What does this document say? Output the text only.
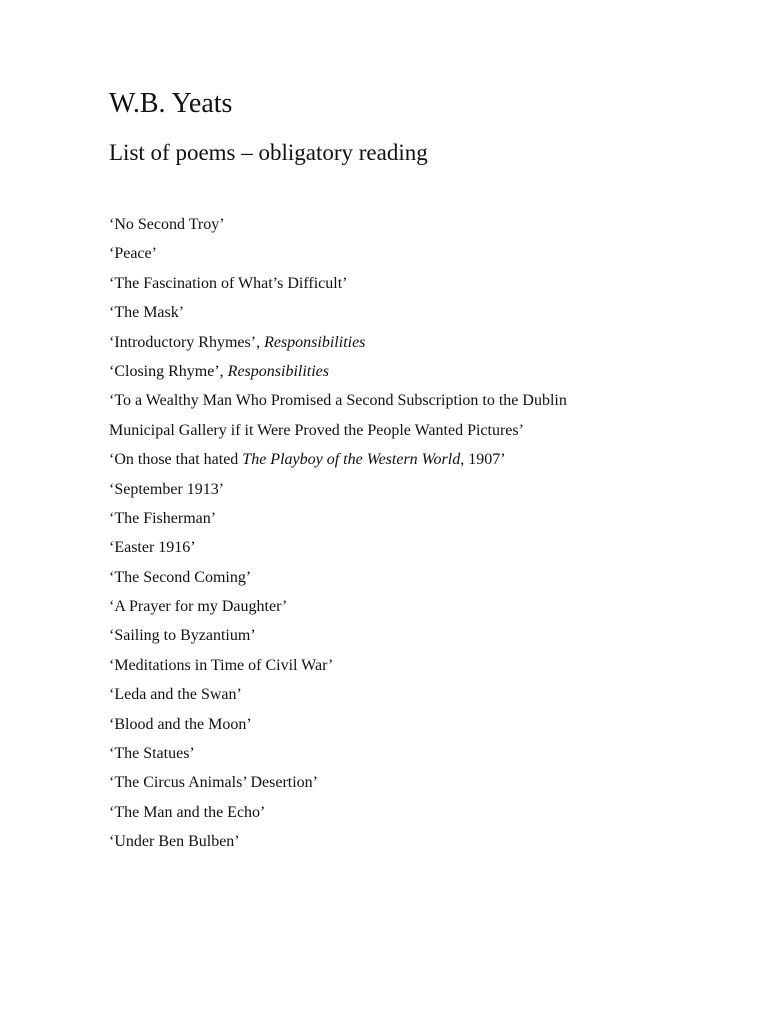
W.B. Yeats
List of poems – obligatory reading
‘No Second Troy’
‘Peace’
‘The Fascination of What’s Difficult’
‘The Mask’
‘Introductory Rhymes’, Responsibilities
‘Closing Rhyme’, Responsibilities
‘To a Wealthy Man Who Promised a Second Subscription to the Dublin
Municipal Gallery if it Were Proved the People Wanted Pictures’
‘On those that hated The Playboy of the Western World, 1907’
‘September 1913’
‘The Fisherman’
‘Easter 1916’
‘The Second Coming’
‘A Prayer for my Daughter’
‘Sailing to Byzantium’
‘Meditations in Time of Civil War’
‘Leda and the Swan’
‘Blood and the Moon’
‘The Statues’
‘The Circus Animals’ Desertion’
‘The Man and the Echo’
‘Under Ben Bulben’
